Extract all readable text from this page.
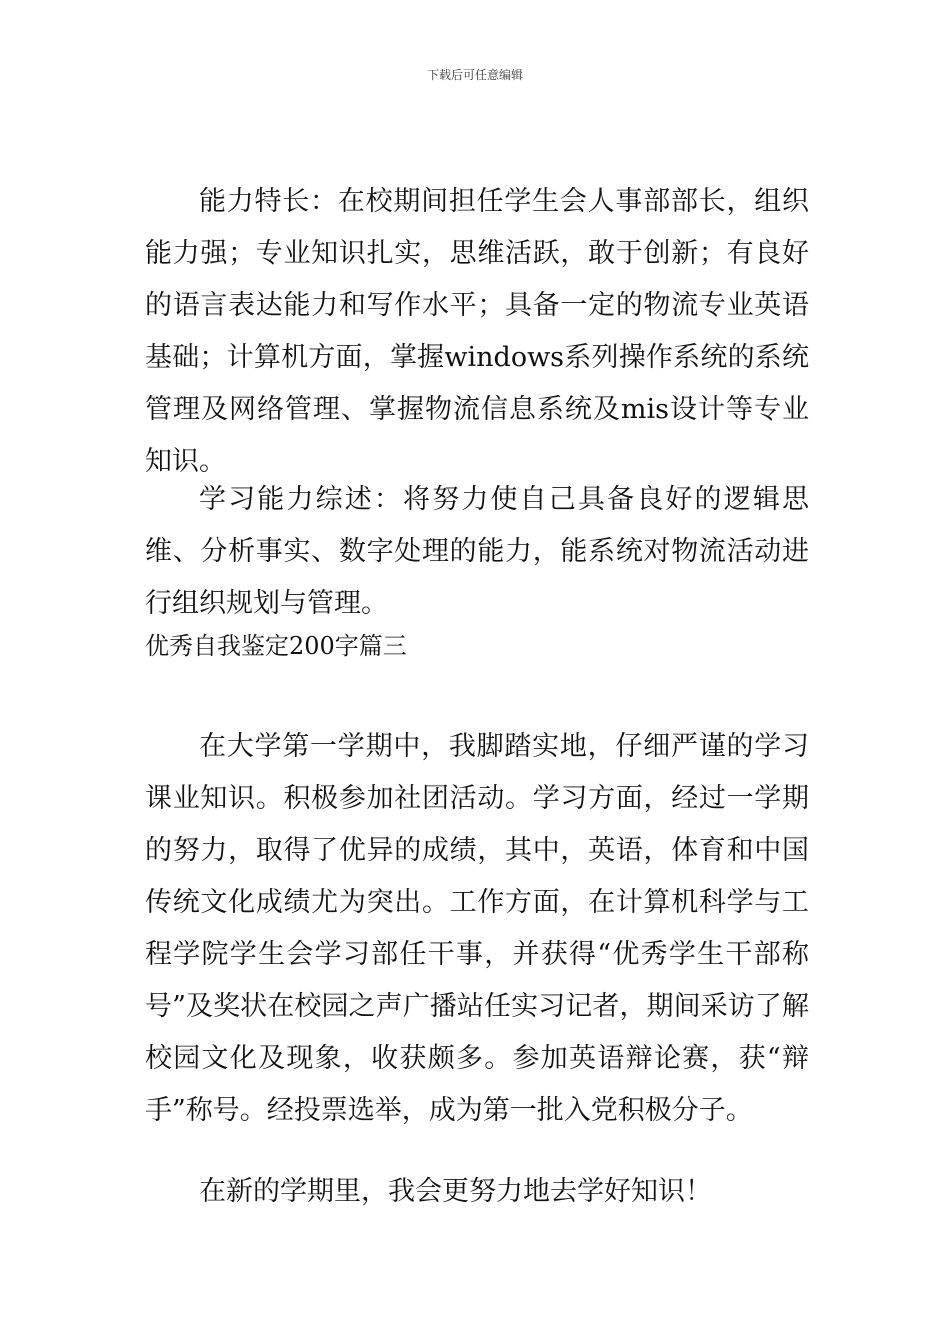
下载后可任意编辑
能力特长：在校期间担任学生会人事部部长，组织能力强；专业知识扎实，思维活跃，敢于创新；有良好的语言表达能力和写作水平；具备一定的物流专业英语基础；计算机方面，掌握windows系列操作系统的系统管理及网络管理、掌握物流信息系统及mis设计等专业知识。
学习能力综述：将努力使自己具备良好的逻辑思维、分析事实、数字处理的能力，能系统对物流活动进行组织规划与管理。
优秀自我鉴定200字篇三
在大学第一学期中，我脚踏实地，仔细严谨的学习课业知识。积极参加社团活动。学习方面，经过一学期的努力，取得了优异的成绩，其中，英语，体育和中国传统文化成绩尤为突出。工作方面，在计算机科学与工程学院学生会学习部任干事，并获得“优秀学生干部称号”及奖状在校园之声广播站任实习记者，期间采访了解校园文化及现象，收获颇多。参加英语辩论赛，获“辩手”称号。经投票选举，成为第一批入党积极分子。
在新的学期里，我会更努力地去学好知识！
